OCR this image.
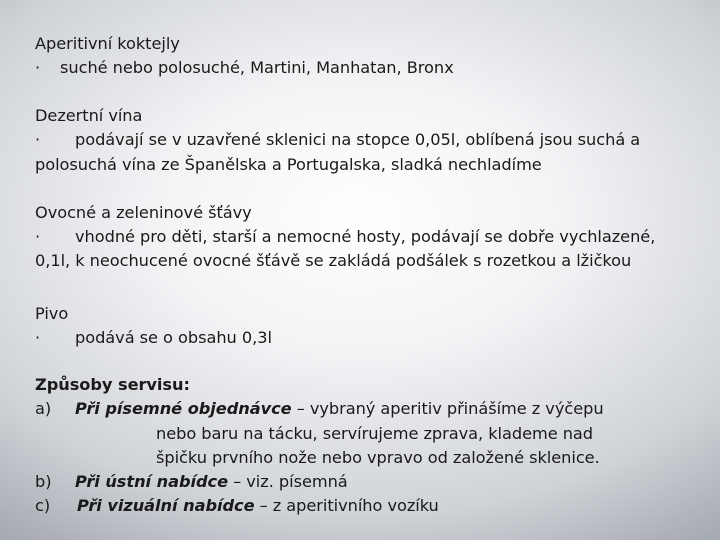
Aperitivní koktejly
· suché nebo polosuché, Martini, Manhatan, Bronx
Dezertní vína
· podávají se v uzavřené sklenici na stopce 0,05l, oblíbená jsou suchá a
polosuchá vína ze Španělska a Portugalska, sladká nechladíme
Ovocné a zeleninové šťávy
· vhodné pro děti, starší a nemocné hosty, podávají se dobře vychlazené,
0,1l, k neochucené ovocné šťávě se zakládá podšálek s rozetkou a lžičkou
Pivo
· podává se o obsahu 0,3l
Způsoby servisu:
a) Při písemné objednávce – vybraný aperitiv přinášíme z výčepu
nebo baru na tácku, servírujeme zprava, klademe nad
špičku prvního nože nebo vpravo od založené sklenice.
b) Při ústní nabídce – viz. písemná
c) Při vizuální nabídce – z aperitivního vozíku
